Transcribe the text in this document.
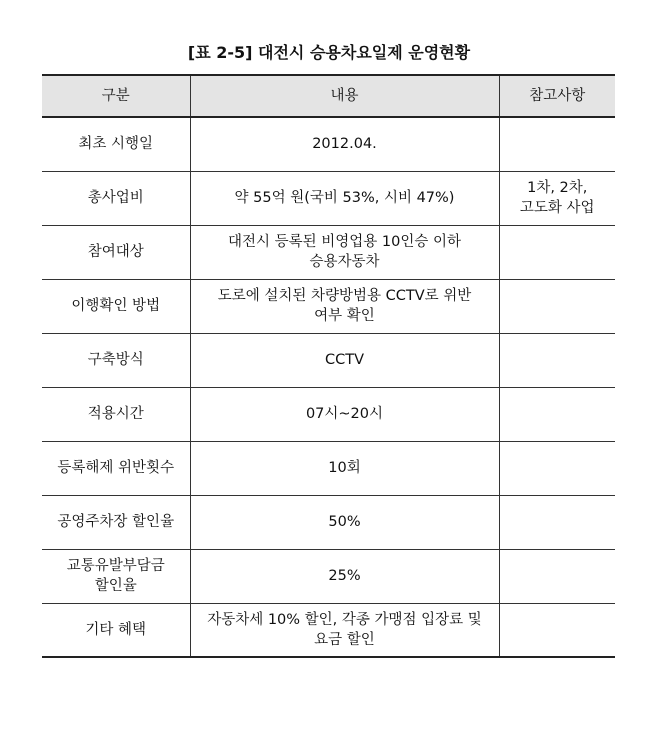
[표 2-5] 대전시 승용차요일제 운영현황
구분	내용	참고사항

최초 시행일	2012.04.	

총사업비	약 55억 원(국비 53%, 시비 47%)	1차, 2차,
고도화 사업

참여대상	대전시 등록된 비영업용 10인승 이하
승용자동차	

이행확인 방법	도로에 설치된 차량방범용 CCTV로 위반
여부 확인	

구축방식	CCTV	

적용시간	07시~20시	

등록해제 위반횟수	10회	

공영주차장 할인율	50%	

교통유발부담금
할인율	25%	

기타 혜택	자동차세 10% 할인, 각종 가맹점 입장료 및
요금 할인	
